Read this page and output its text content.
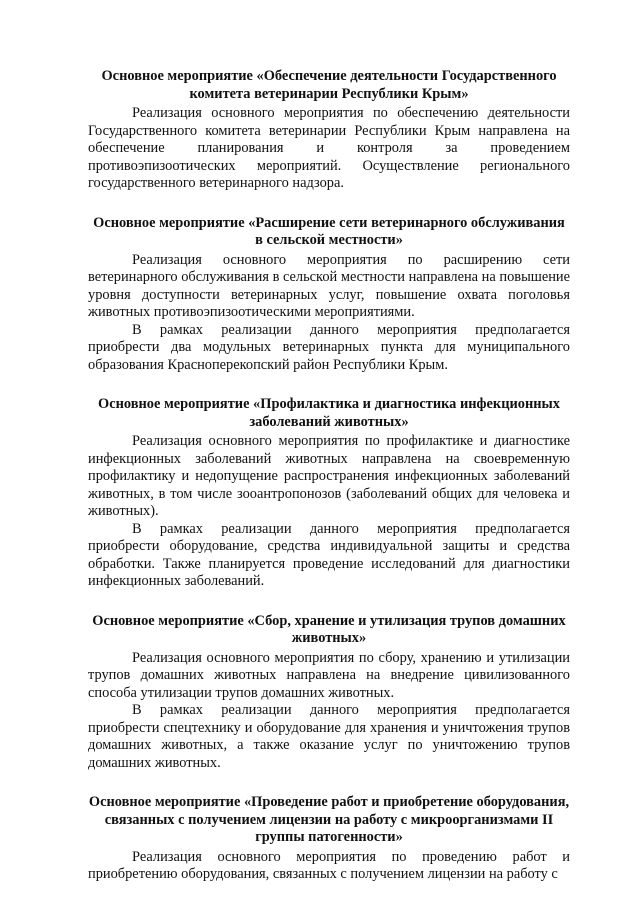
Основное мероприятие «Обеспечение деятельности Государственного комитета ветеринарии Республики Крым»

Реализация основного мероприятия по обеспечению деятельности Государственного комитета ветеринарии Республики Крым направлена на обеспечение планирования и контроля за проведением противоэпизоотических мероприятий. Осуществление регионального государственного ветеринарного надзора.

Основное мероприятие «Расширение сети ветеринарного обслуживания в сельской местности»

Реализация основного мероприятия по расширению сети ветеринарного обслуживания в сельской местности направлена на повышение уровня доступности ветеринарных услуг, повышение охвата поголовья животных противоэпизоотическими мероприятиями.

В рамках реализации данного мероприятия предполагается приобрести два модульных ветеринарных пункта для муниципального образования Красноперекопский район Республики Крым.

Основное мероприятие «Профилактика и диагностика инфекционных заболеваний животных»

Реализация основного мероприятия по профилактике и диагностике инфекционных заболеваний животных направлена на своевременную профилактику и недопущение распространения инфекционных заболеваний животных, в том числе зооантропонозов (заболеваний общих для человека и животных).

В рамках реализации данного мероприятия предполагается приобрести оборудование, средства индивидуальной защиты и средства обработки. Также планируется проведение исследований для диагностики инфекционных заболеваний.

Основное мероприятие «Сбор, хранение и утилизация трупов домашних животных»

Реализация основного мероприятия по сбору, хранению и утилизации трупов домашних животных направлена на внедрение цивилизованного способа утилизации трупов домашних животных.

В рамках реализации данного мероприятия предполагается приобрести спецтехнику и оборудование для хранения и уничтожения трупов домашних животных, а также оказание услуг по уничтожению трупов домашних животных.

Основное мероприятие «Проведение работ и приобретение оборудования, связанных с получением лицензии на работу с микроорганизмами II группы патогенности»

Реализация основного мероприятия по проведению работ и приобретению оборудования, связанных с получением лицензии на работу с
